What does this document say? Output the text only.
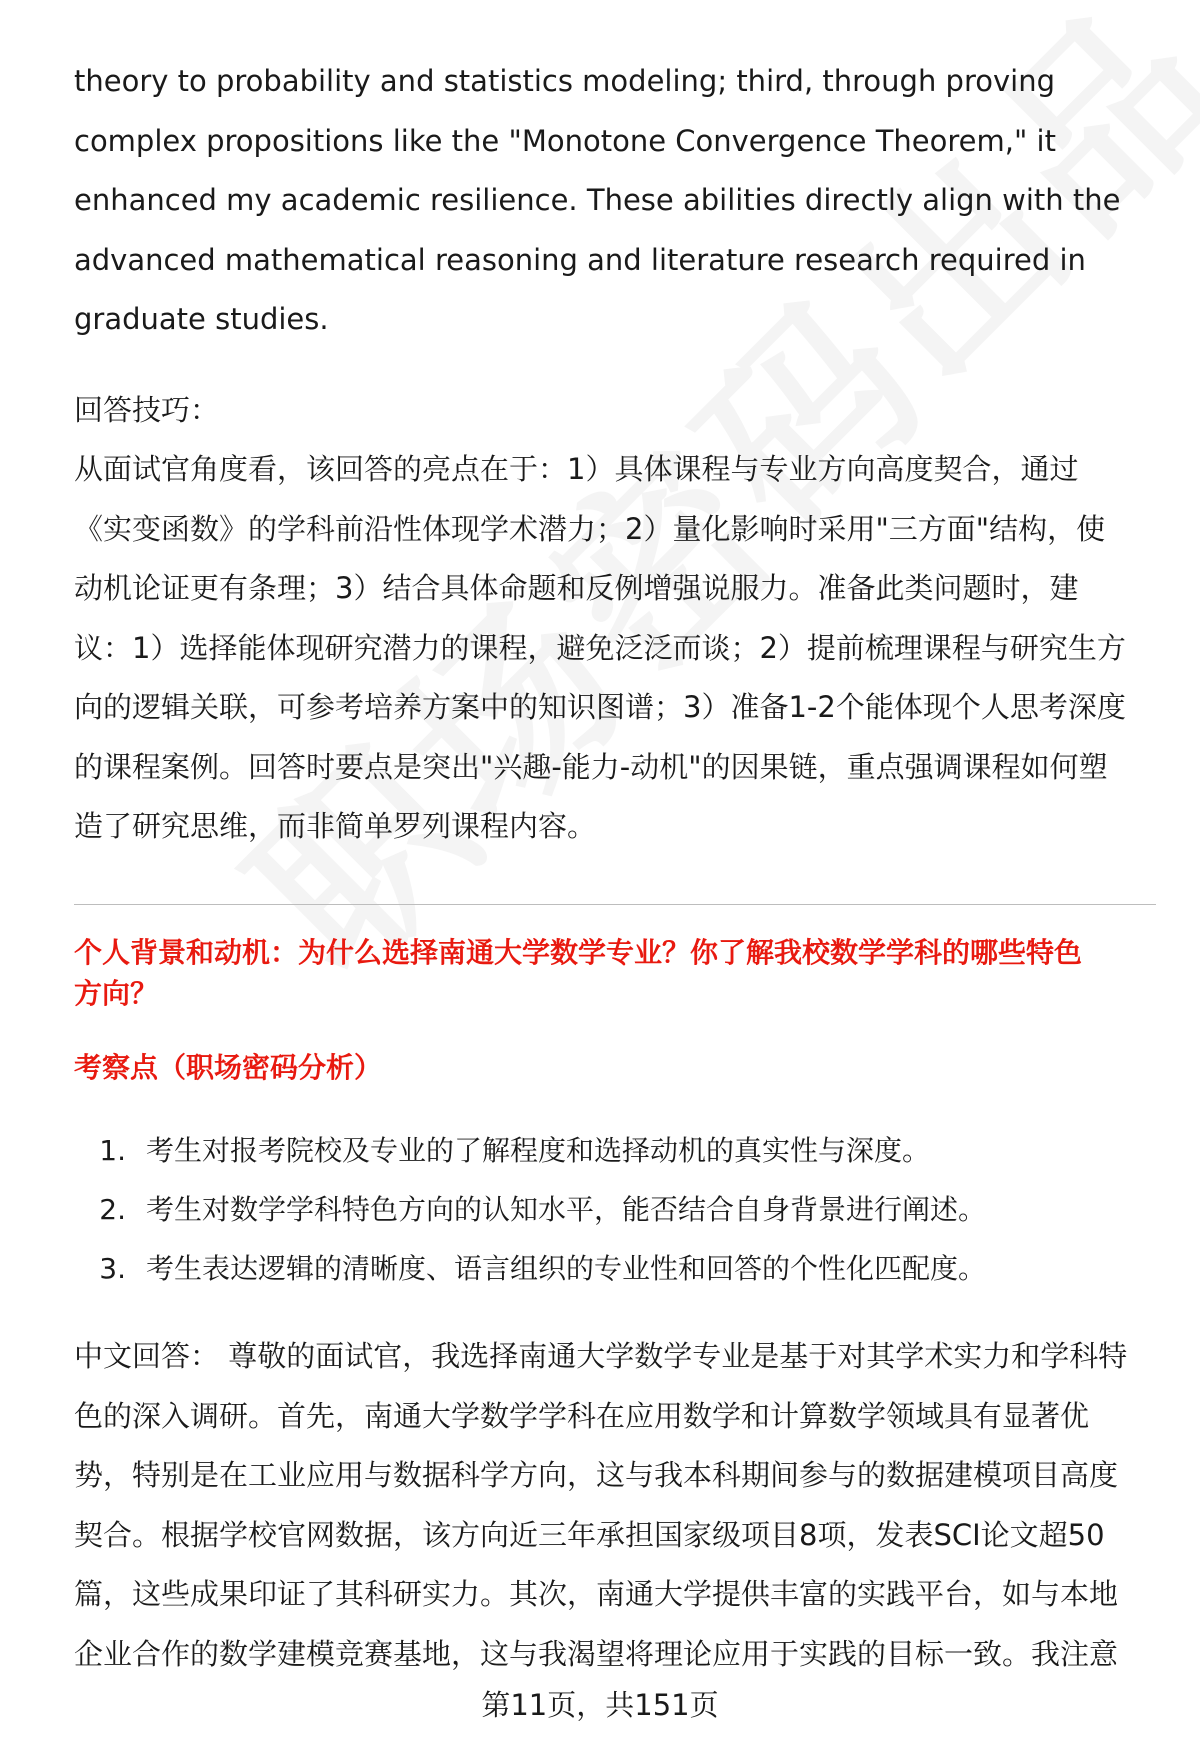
theory to probability and statistics modeling; third, through proving

complex propositions like the "Monotone Convergence Theorem," it

enhanced my academic resilience. These abilities directly align with the

advanced mathematical reasoning and literature research required in

graduate studies.

回答技巧：

从面试官角度看，该回答的亮点在于：1）具体课程与专业方向高度契合，通过

《实变函数》的学科前沿性体现学术潜力；2）量化影响时采用"三方面"结构，使

动机论证更有条理；3）结合具体命题和反例增强说服力。准备此类问题时，建

议：1）选择能体现研究潜力的课程，避免泛泛而谈；2）提前梳理课程与研究生方

向的逻辑关联，可参考培养方案中的知识图谱；3）准备1-2个能体现个人思考深度

的课程案例。回答时要点是突出"兴趣-能力-动机"的因果链，重点强调课程如何塑

造了研究思维，而非简单罗列课程内容。

个人背景和动机：为什么选择南通大学数学专业？你了解我校数学学科的哪些特色
方向？
考察点（职场密码分析）
1. 考生对报考院校及专业的了解程度和选择动机的真实性与深度。
2. 考生对数学学科特色方向的认知水平，能否结合自身背景进行阐述。
3. 考生表达逻辑的清晰度、语言组织的专业性和回答的个性化匹配度。

中文回答： 尊敬的面试官，我选择南通大学数学专业是基于对其学术实力和学科特

色的深入调研。首先，南通大学数学学科在应用数学和计算数学领域具有显著优

势，特别是在工业应用与数据科学方向，这与我本科期间参与的数据建模项目高度

契合。根据学校官网数据，该方向近三年承担国家级项目8项，发表SCI论文超50

篇，这些成果印证了其科研实力。其次，南通大学提供丰富的实践平台，如与本地

企业合作的数学建模竞赛基地，这与我渴望将理论应用于实践的目标一致。我注意

第11页，共151页
